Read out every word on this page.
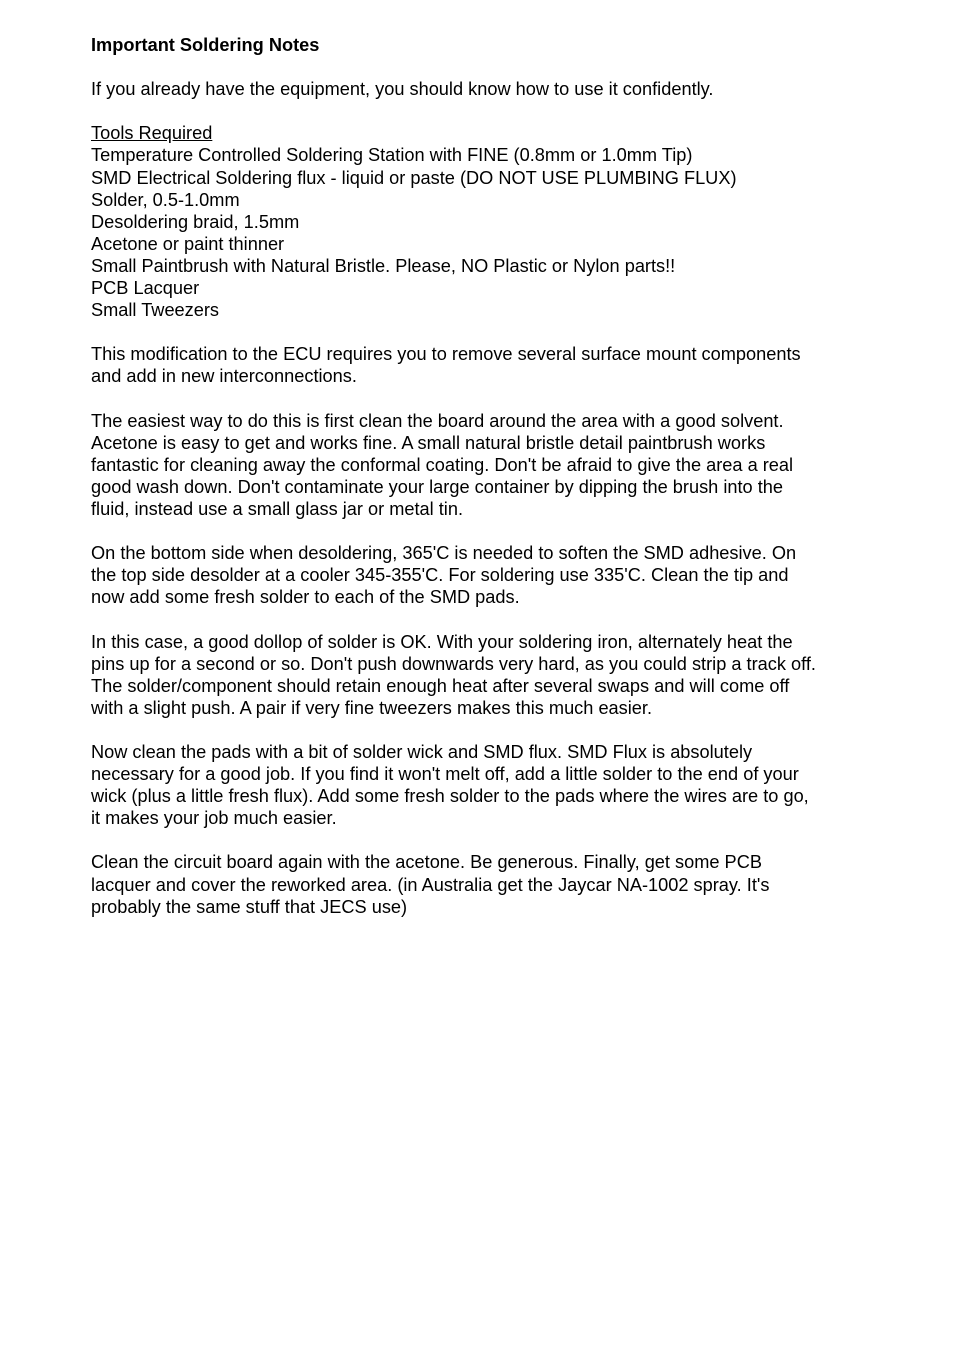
Important Soldering Notes

If you already have the equipment, you should know how to use it confidently.

Tools Required

Temperature Controlled Soldering Station with FINE (0.8mm or 1.0mm Tip)
SMD Electrical Soldering flux - liquid or paste (DO NOT USE PLUMBING FLUX)
Solder, 0.5-1.0mm
Desoldering braid, 1.5mm
Acetone or paint thinner
Small Paintbrush with Natural Bristle. Please, NO Plastic or Nylon parts!!
PCB Lacquer
Small Tweezers
This modification to the ECU requires you to remove several surface mount components
and add in new interconnections.
The easiest way to do this is first clean the board around the area with a good solvent.
Acetone is easy to get and works fine. A small natural bristle detail paintbrush works
fantastic for cleaning away the conformal coating. Don't be afraid to give the area a real
good wash down. Don't contaminate your large container by dipping the brush into the
fluid, instead use a small glass jar or metal tin.
On the bottom side when desoldering, 365'C is needed to soften the SMD adhesive. On
the top side desolder at a cooler 345-355'C. For soldering use 335'C. Clean the tip and
now add some fresh solder to each of the SMD pads.
In this case, a good dollop of solder is OK. With your soldering iron, alternately heat the
pins up for a second or so. Don't push downwards very hard, as you could strip a track off.
The solder/component should retain enough heat after several swaps and will come off
with a slight push. A pair if very fine tweezers makes this much easier.
Now clean the pads with a bit of solder wick and SMD flux. SMD Flux is absolutely
necessary for a good job. If you find it won't melt off, add a little solder to the end of your
wick (plus a little fresh flux). Add some fresh solder to the pads where the wires are to go,
it makes your job much easier.
Clean the circuit board again with the acetone. Be generous. Finally, get some PCB
lacquer and cover the reworked area. (in Australia get the Jaycar NA-1002 spray. It's
probably the same stuff that JECS use)
